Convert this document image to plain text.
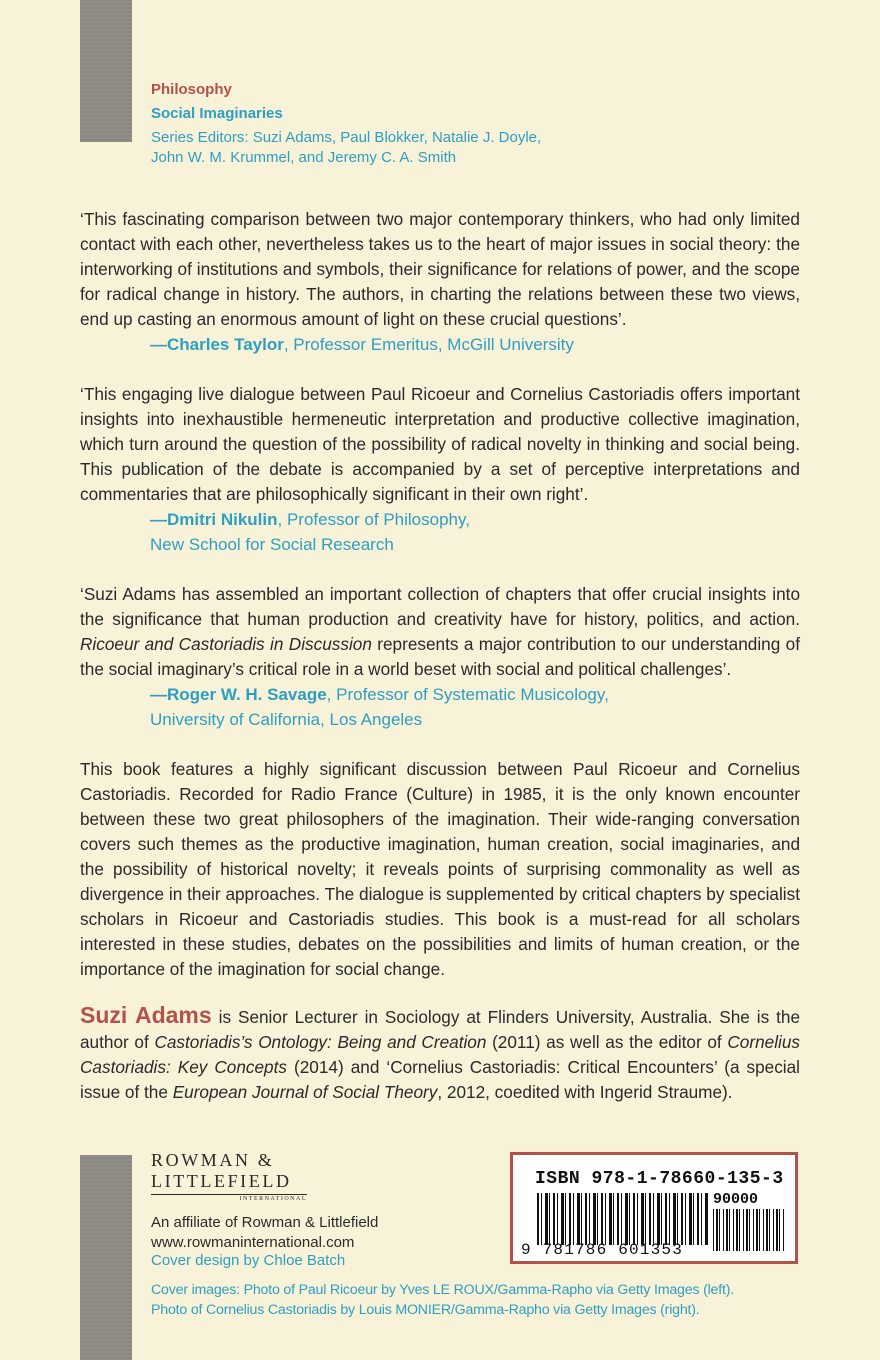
Philosophy
Social Imaginaries
Series Editors: Suzi Adams, Paul Blokker, Natalie J. Doyle,
John W. M. Krummel, and Jeremy C. A. Smith

‘This fascinating comparison between two major contemporary thinkers, who had only limited contact with each other, nevertheless takes us to the heart of major issues in social theory: the interworking of institutions and symbols, their significance for relations of power, and the scope for radical change in history. The authors, in charting the relations between these two views, end up casting an enormous amount of light on these crucial questions’.

—Charles Taylor, Professor Emeritus, McGill University

‘This engaging live dialogue between Paul Ricoeur and Cornelius Castoriadis offers important insights into inexhaustible hermeneutic interpretation and productive collective imagination, which turn around the question of the possibility of radical novelty in thinking and social being. This publication of the debate is accompanied by a set of perceptive interpretations and commentaries that are philosophically significant in their own right’.

—Dmitri Nikulin, Professor of Philosophy,
New School for Social Research

‘Suzi Adams has assembled an important collection of chapters that offer crucial insights into the significance that human production and creativity have for history, politics, and action. Ricoeur and Castoriadis in Discussion represents a major contribution to our understanding of the social imaginary’s critical role in a world beset with social and political challenges’.

—Roger W. H. Savage, Professor of Systematic Musicology,
University of California, Los Angeles

This book features a highly significant discussion between Paul Ricoeur and Cornelius Castoriadis. Recorded for Radio France (Culture) in 1985, it is the only known encounter between these two great philosophers of the imagination. Their wide-ranging conversation covers such themes as the productive imagination, human creation, social imaginaries, and the possibility of historical novelty; it reveals points of surprising commonality as well as divergence in their approaches. The dialogue is supplemented by critical chapters by specialist scholars in Ricoeur and Castoriadis studies. This book is a must-read for all scholars interested in these studies, debates on the possibilities and limits of human creation, or the importance of the imagination for social change.

Suzi Adams is Senior Lecturer in Sociology at Flinders University, Australia. She is the author of Castoriadis’s Ontology: Being and Creation (2011) as well as the editor of Cornelius Castoriadis: Key Concepts (2014) and ‘Cornelius Castoriadis: Critical Encounters’ (a special issue of the European Journal of Social Theory, 2012, coedited with Ingerid Straume).
ROWMAN &
LITTLEFIELD
INTERNATIONAL
An affiliate of Rowman & Littlefield
www.rowmaninternational.com
Cover design by Chloe Batch
Cover images: Photo of Paul Ricoeur by Yves LE ROUX/Gamma-Rapho via Getty Images (left).
Photo of Cornelius Castoriadis by Louis MONIER/Gamma-Rapho via Getty Images (right).
ISBN 978-1-78660-135-3
90000
9 781786 601353
